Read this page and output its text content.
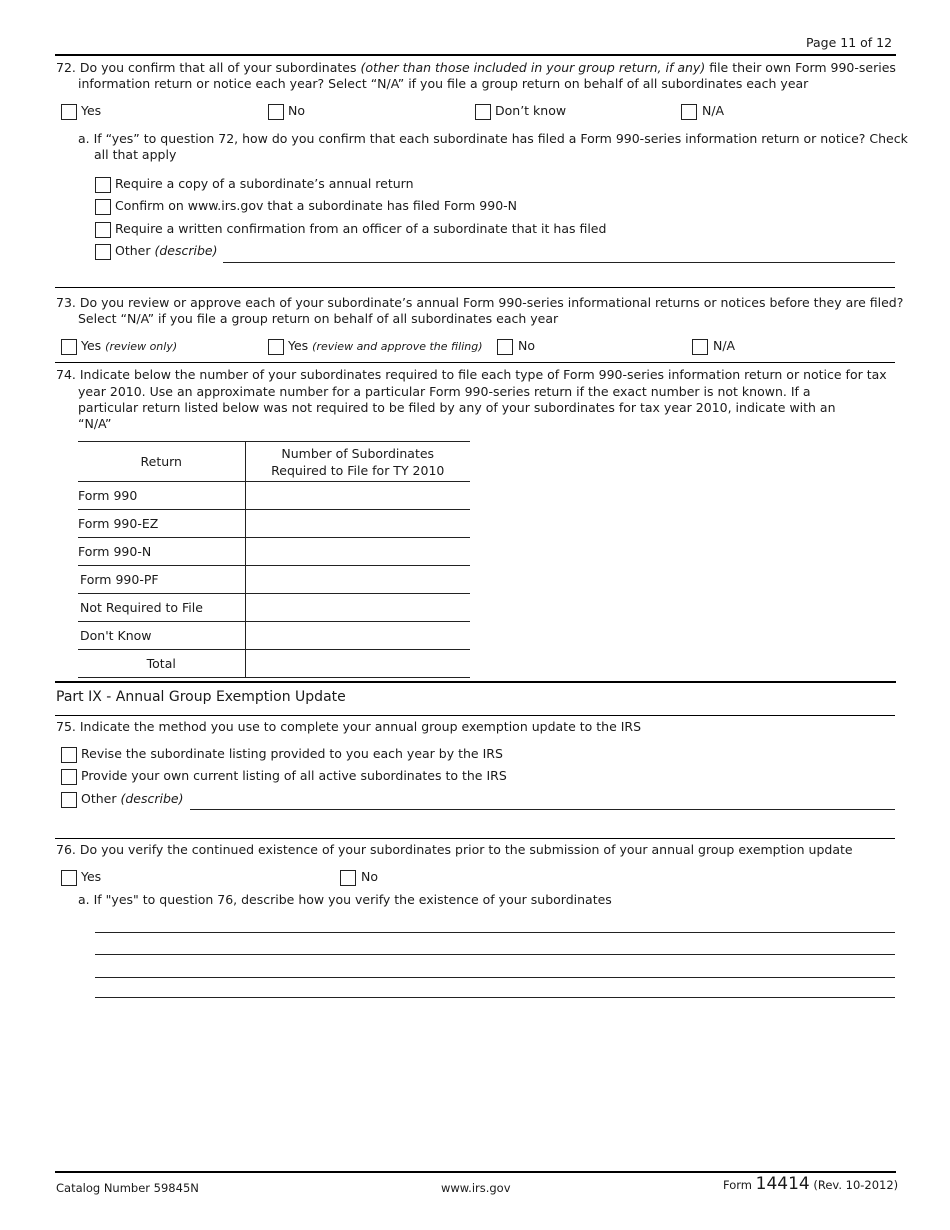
Page 11 of 12
72. Do you confirm that all of your subordinates (other than those included in your group return, if any) file their own Form 990-series
information return or notice each year? Select “N/A” if you file a group return on behalf of all subordinates each year
Yes	No	Don’t know	N/A
a. If “yes” to question 72, how do you confirm that each subordinate has filed a Form 990-series information return or notice? Check
all that apply
Require a copy of a subordinate’s annual return
Confirm on www.irs.gov that a subordinate has filed Form 990-N
Require a written confirmation from an officer of a subordinate that it has filed
Other (describe)
73. Do you review or approve each of your subordinate’s annual Form 990-series informational returns or notices before they are filed?
Select “N/A” if you file a group return on behalf of all subordinates each year
Yes (review only)	Yes (review and approve the filing)	No	N/A
74. Indicate below the number of your subordinates required to file each type of Form 990-series information return or notice for tax
year 2010. Use an approximate number for a particular Form 990-series return if the exact number is not known. If a
particular return listed below was not required to be filed by any of your subordinates for tax year 2010, indicate with an
“N/A”
Return	Number of Subordinates
Required to File for TY 2010
Form 990	
Form 990-EZ	
Form 990-N	
Form 990-PF	
Not Required to File	
Don't Know	
Total	
Part IX - Annual Group Exemption Update
75. Indicate the method you use to complete your annual group exemption update to the IRS
Revise the subordinate listing provided to you each year by the IRS
Provide your own current listing of all active subordinates to the IRS
Other (describe)
76. Do you verify the continued existence of your subordinates prior to the submission of your annual group exemption update
Yes	No
a. If "yes" to question 76, describe how you verify the existence of your subordinates
Catalog Number 59845N	www.irs.gov	Form 14414 (Rev. 10-2012)
